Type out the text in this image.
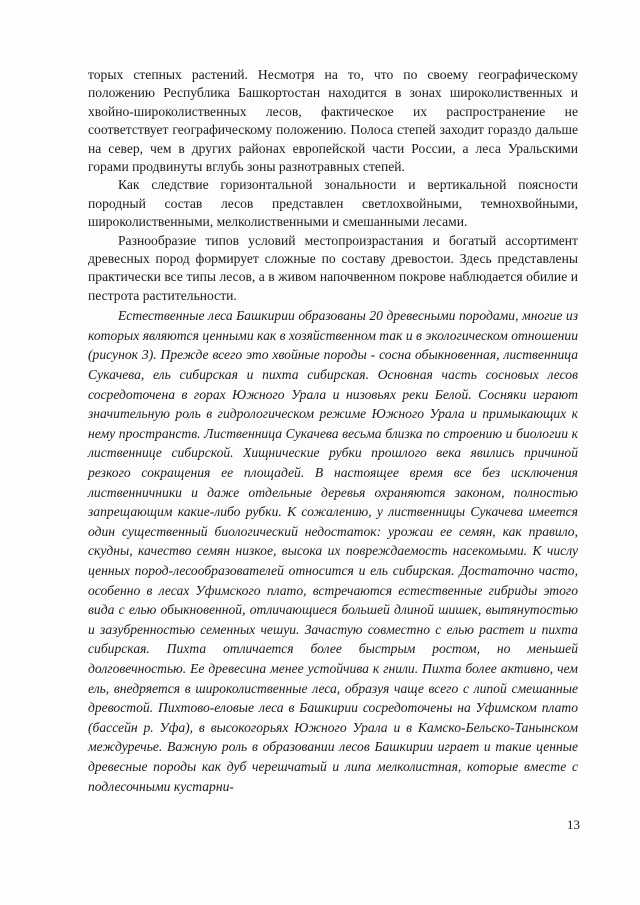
торых степных растений. Несмотря на то, что по своему географическому положению Республика Башкортостан находится в зонах широколиственных и хвойно-широколиственных лесов, фактическое их распространение не соответствует географическому положению. Полоса степей заходит гораздо дальше на север, чем в других районах европейской части России, а леса Уральскими горами продвинуты вглубь зоны разнотравных степей.

Как следствие горизонтальной зональности и вертикальной поясности породный состав лесов представлен светлохвойными, темнохвойными, широколиственными, мелколиственными и смешанными лесами.

Разнообразие типов условий местопроизрастания и богатый ассортимент древесных пород формирует сложные по составу древостои. Здесь представлены практически все типы лесов, а в живом напочвенном покрове наблюдается обилие и пестрота растительности.

Естественные леса Башкирии образованы 20 древесными породами, многие из которых являются ценными как в хозяйственном так и в экологическом отношении (рисунок 3). Прежде всего это хвойные породы - сосна обыкновенная, лиственница Сукачева, ель сибирская и пихта сибирская. Основная часть сосновых лесов сосредоточена в горах Южного Урала и низовьях реки Белой. Сосняки играют значительную роль в гидрологическом режиме Южного Урала и примыкающих к нему пространств. Лиственница Сукачева весьма близка по строению и биологии к лиственнице сибирской. Хищнические рубки прошлого века явились причиной резкого сокращения ее площадей. В настоящее время все без исключения лиственничники и даже отдельные деревья охраняются законом, полностью запрещающим какие-либо рубки. К сожалению, у лиственницы Сукачева имеется один существенный биологический недостаток: урожаи ее семян, как правило, скудны, качество семян низкое, высока их повреждаемость насекомыми. К числу ценных пород-лесообразователей относится и ель сибирская. Достаточно часто, особенно в лесах Уфимского плато, встречаются естественные гибриды этого вида с елью обыкновенной, отличающиеся большей длиной шишек, вытянутостью и зазубренностью семенных чешуи. Зачастую совместно с елью растет и пихта сибирская. Пихта отличается более быстрым ростом, но меньшей долговечностью. Ее древесина менее устойчива к гнили. Пихта более активно, чем ель, внедряется в широколиственные леса, образуя чаще всего с липой смешанные древостой. Пихтово-еловые леса в Башкирии сосредоточены на Уфимском плато (бассейн р. Уфа), в высокогорьях Южного Урала и в Камско-Бельско-Танынском междуречье. Важную роль в образовании лесов Башкирии играет и такие ценные древесные породы как дуб черешчатый и липа мелколистная, которые вместе с подлесочными кустарни-

13
